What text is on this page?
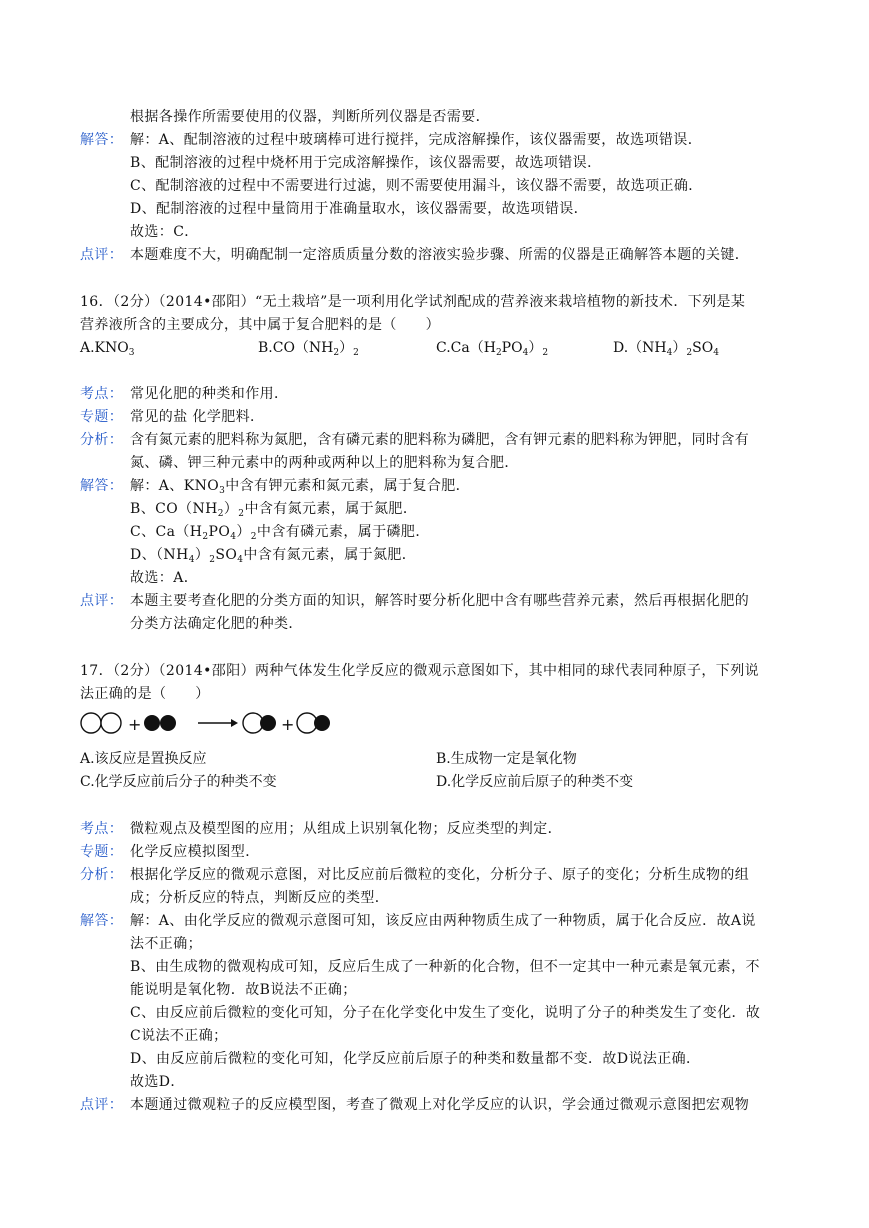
根据各操作所需要使用的仪器，判断所列仪器是否需要．
解答： 解：A、配制溶液的过程中玻璃棒可进行搅拌，完成溶解操作，该仪器需要，故选项错误．
B、配制溶液的过程中烧杯用于完成溶解操作，该仪器需要，故选项错误．
C、配制溶液的过程中不需要进行过滤，则不需要使用漏斗，该仪器不需要，故选项正确．
D、配制溶液的过程中量筒用于准确量取水，该仪器需要，故选项错误．
故选：C．
点评： 本题难度不大，明确配制一定溶质质量分数的溶液实验步骤、所需的仪器是正确解答本题的关键．
16．（2分）（2014•邵阳）“无土栽培”是一项利用化学试剂配成的营养液来栽培植物的新技术．下列是某
营养液所含的主要成分，其中属于复合肥料的是（　　）
$A.KNO_3$	$B.CO(NH_2)_2$	$C.Ca(H_2PO_4)_2$	$D.(NH_4)_2SO_4$
考点： 常见化肥的种类和作用．
专题： 常见的盐 化学肥料．
分析： 含有氮元素的肥料称为氮肥，含有磷元素的肥料称为磷肥，含有钾元素的肥料称为钾肥，同时含有
氮、磷、钾三种元素中的两种或两种以上的肥料称为复合肥．
解答： 解：A、$KNO_3$中含有钾元素和氮元素，属于复合肥．
B、$CO(NH_2)_2$中含有氮元素，属于氮肥．
C、$Ca(H_2PO_4)_2$中含有磷元素，属于磷肥．
D、$(NH_4)_2SO_4$中含有氮元素，属于氮肥．
故选：A．
点评： 本题主要考查化肥的分类方面的知识，解答时要分析化肥中含有哪些营养元素，然后再根据化肥的
分类方法确定化肥的种类．
17．（2分）（2014•邵阳）两种气体发生化学反应的微观示意图如下，其中相同的球代表同种原子，下列说
法正确的是（　　）
+	+
A.该反应是置换反应	B.生成物一定是氧化物
C.化学反应前后分子的种类不变	D.化学反应前后原子的种类不变
考点： 微粒观点及模型图的应用；从组成上识别氧化物；反应类型的判定．
专题： 化学反应模拟图型．
分析： 根据化学反应的微观示意图，对比反应前后微粒的变化，分析分子、原子的变化；分析生成物的组
成；分析反应的特点，判断反应的类型．
解答： 解：A、由化学反应的微观示意图可知，该反应由两种物质生成了一种物质，属于化合反应．故A说
法不正确；
B、由生成物的微观构成可知，反应后生成了一种新的化合物，但不一定其中一种元素是氧元素，不
能说明是氧化物．故B说法不正确；
C、由反应前后微粒的变化可知，分子在化学变化中发生了变化，说明了分子的种类发生了变化．故
C说法不正确；
D、由反应前后微粒的变化可知，化学反应前后原子的种类和数量都不变．故D说法正确．
故选D．
点评： 本题通过微观粒子的反应模型图，考查了微观上对化学反应的认识，学会通过微观示意图把宏观物
